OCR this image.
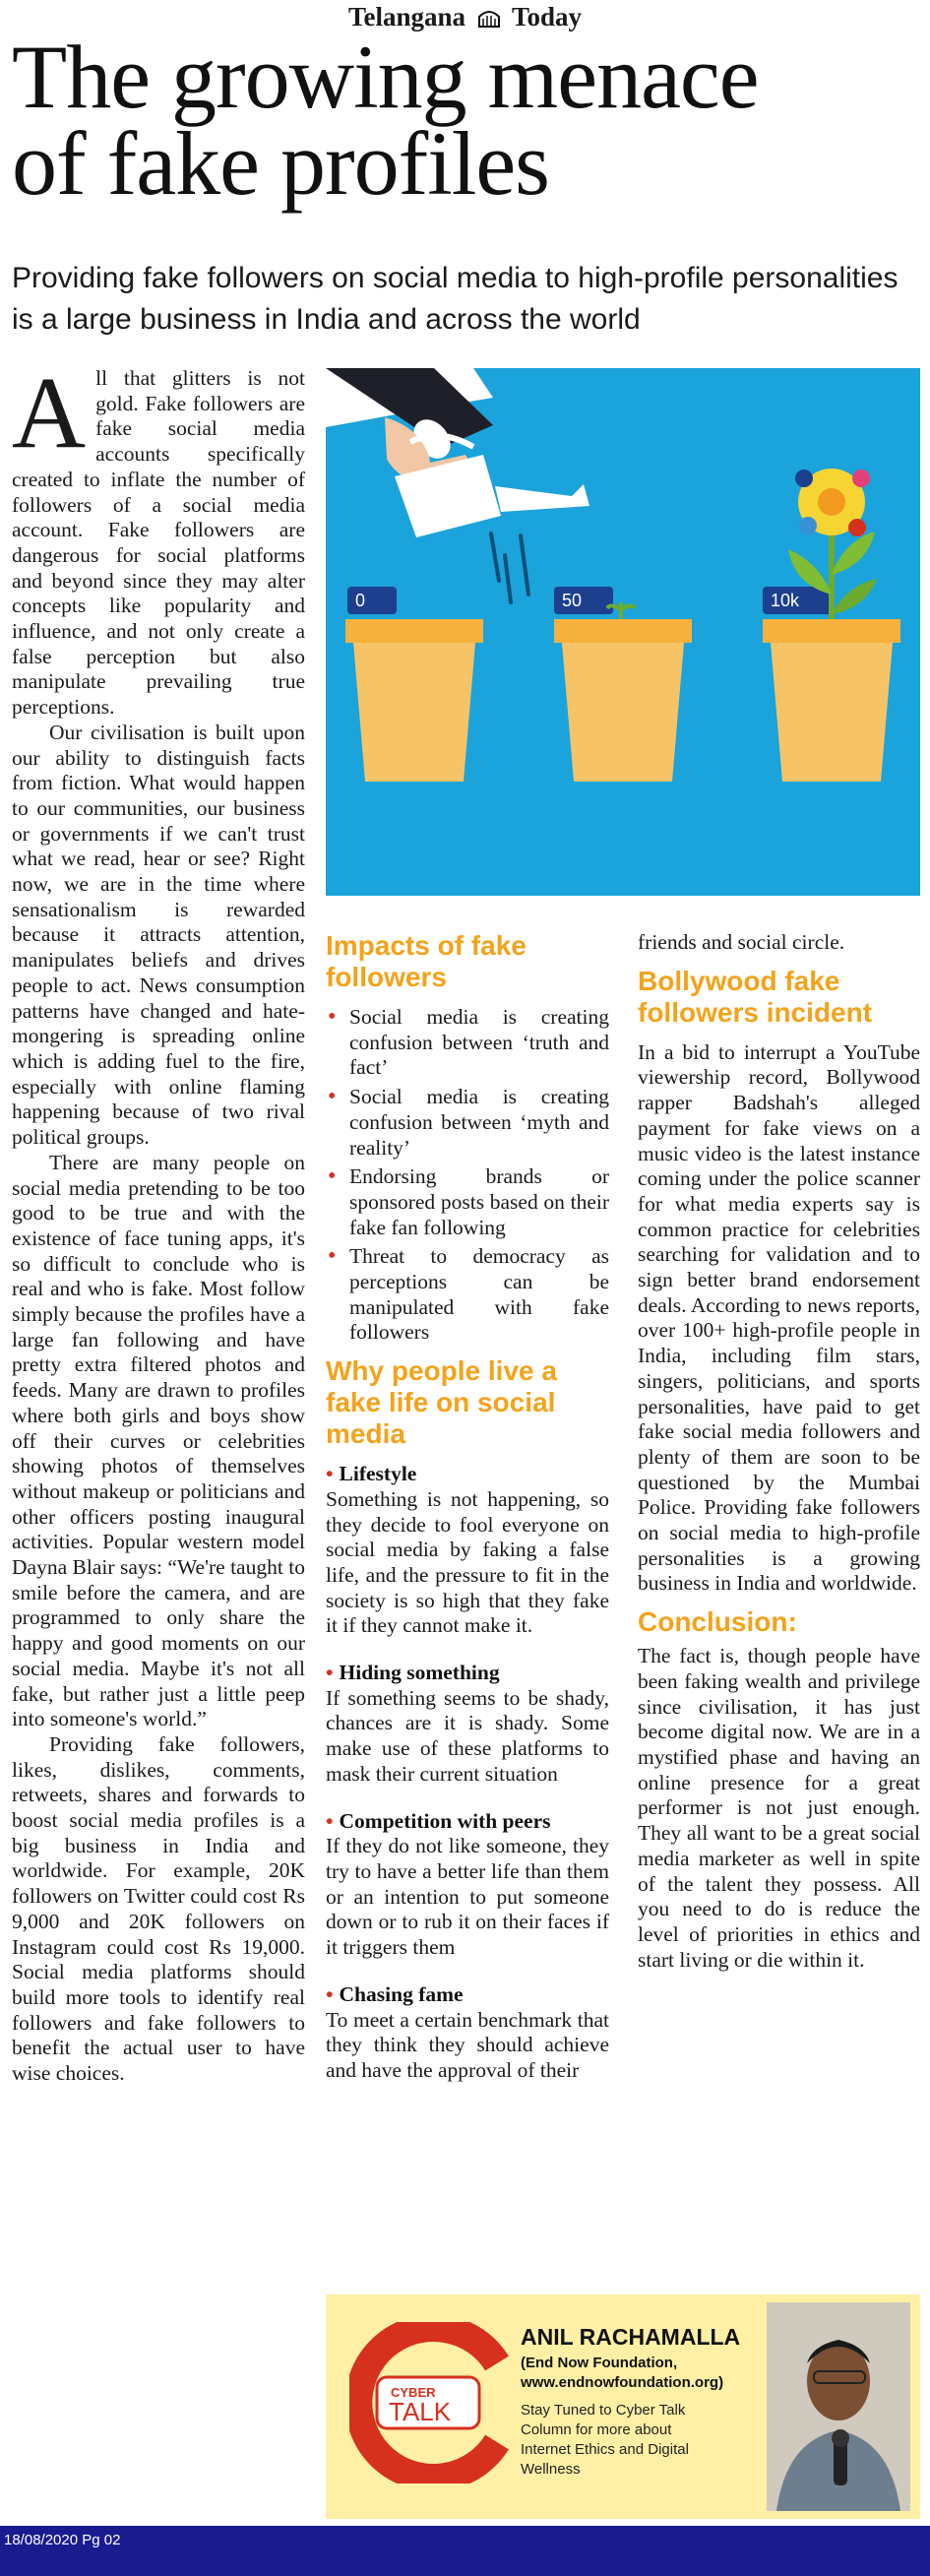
Telangana Today
The growing menace
of fake profiles
Providing fake followers on social media to high-profile personalities is a large business in India and across the world

All that glitters is not gold. Fake followers are fake social media accounts specifically created to inflate the number of followers of a social media account. Fake followers are dangerous for social platforms and beyond since they may alter concepts like popularity and influence, and not only create a false perception but also manipulate prevailing true perceptions.

Our civilisation is built upon our ability to distinguish facts from fiction. What would happen to our communities, our business or governments if we can't trust what we read, hear or see? Right now, we are in the time where sensationalism is rewarded because it attracts attention, manipulates beliefs and drives people to act. News consumption patterns have changed and hate-mongering is spreading online which is adding fuel to the fire, especially with online flaming happening because of two rival political groups.

There are many people on social media pretending to be too good to be true and with the existence of face tuning apps, it's so difficult to conclude who is real and who is fake. Most follow simply because the profiles have a large fan following and have pretty extra filtered photos and feeds. Many are drawn to profiles where both girls and boys show off their curves or celebrities showing photos of themselves without makeup or politicians and other officers posting inaugural activities. Popular western model Dayna Blair says: “We're taught to smile before the camera, and are programmed to only share the happy and good moments on our social media. Maybe it's not all fake, but rather just a little peep into someone's world.”

Providing fake followers, likes, dislikes, comments, retweets, shares and forwards to boost social media profiles is a big business in India and worldwide. For example, 20K followers on Twitter could cost Rs 9,000 and 20K followers on Instagram could cost Rs 19,000. Social media platforms should build more tools to identify real followers and fake followers to benefit the actual user to have wise choices.

0	50	10k
Impacts of fake followers
• Social media is creating confusion between ‘truth and fact’
• Social media is creating confusion between ‘myth and reality’
• Endorsing brands or sponsored posts based on their fake fan following
• Threat to democracy as perceptions can be manipulated with fake followers
Why people live a fake life on social media
• Lifestyle
Something is not happening, so they decide to fool everyone on social media by faking a false life, and the pressure to fit in the society is so high that they fake it if they cannot make it.
• Hiding something
If something seems to be shady, chances are it is shady. Some make use of these platforms to mask their current situation
• Competition with peers
If they do not like someone, they try to have a better life than them or an intention to put someone down or to rub it on their faces if it triggers them
• Chasing fame
To meet a certain benchmark that they think they should achieve and have the approval of their
friends and social circle.
Bollywood fake followers incident
In a bid to interrupt a YouTube viewership record, Bollywood rapper Badshah's alleged payment for fake views on a music video is the latest instance coming under the police scanner for what media experts say is common practice for celebrities searching for validation and to sign better brand endorsement deals. According to news reports, over 100+ high-profile people in India, including film stars, singers, politicians, and sports personalities, have paid to get fake social media followers and plenty of them are soon to be questioned by the Mumbai Police. Providing fake followers on social media to high-profile personalities is a growing business in India and worldwide.
Conclusion:
The fact is, though people have been faking wealth and privilege since civilisation, it has just become digital now. We are in a mystified phase and having an online presence for a great performer is not just enough. They all want to be a great social media marketer as well in spite of the talent they possess. All you need to do is reduce the level of priorities in ethics and start living or die within it.
CYBER
TALK
ANIL RACHAMALLA
(End Now Foundation,
www.endnowfoundation.org)
Stay Tuned to Cyber Talk Column for more about Internet Ethics and Digital Wellness
18/08/2020 Pg 02
